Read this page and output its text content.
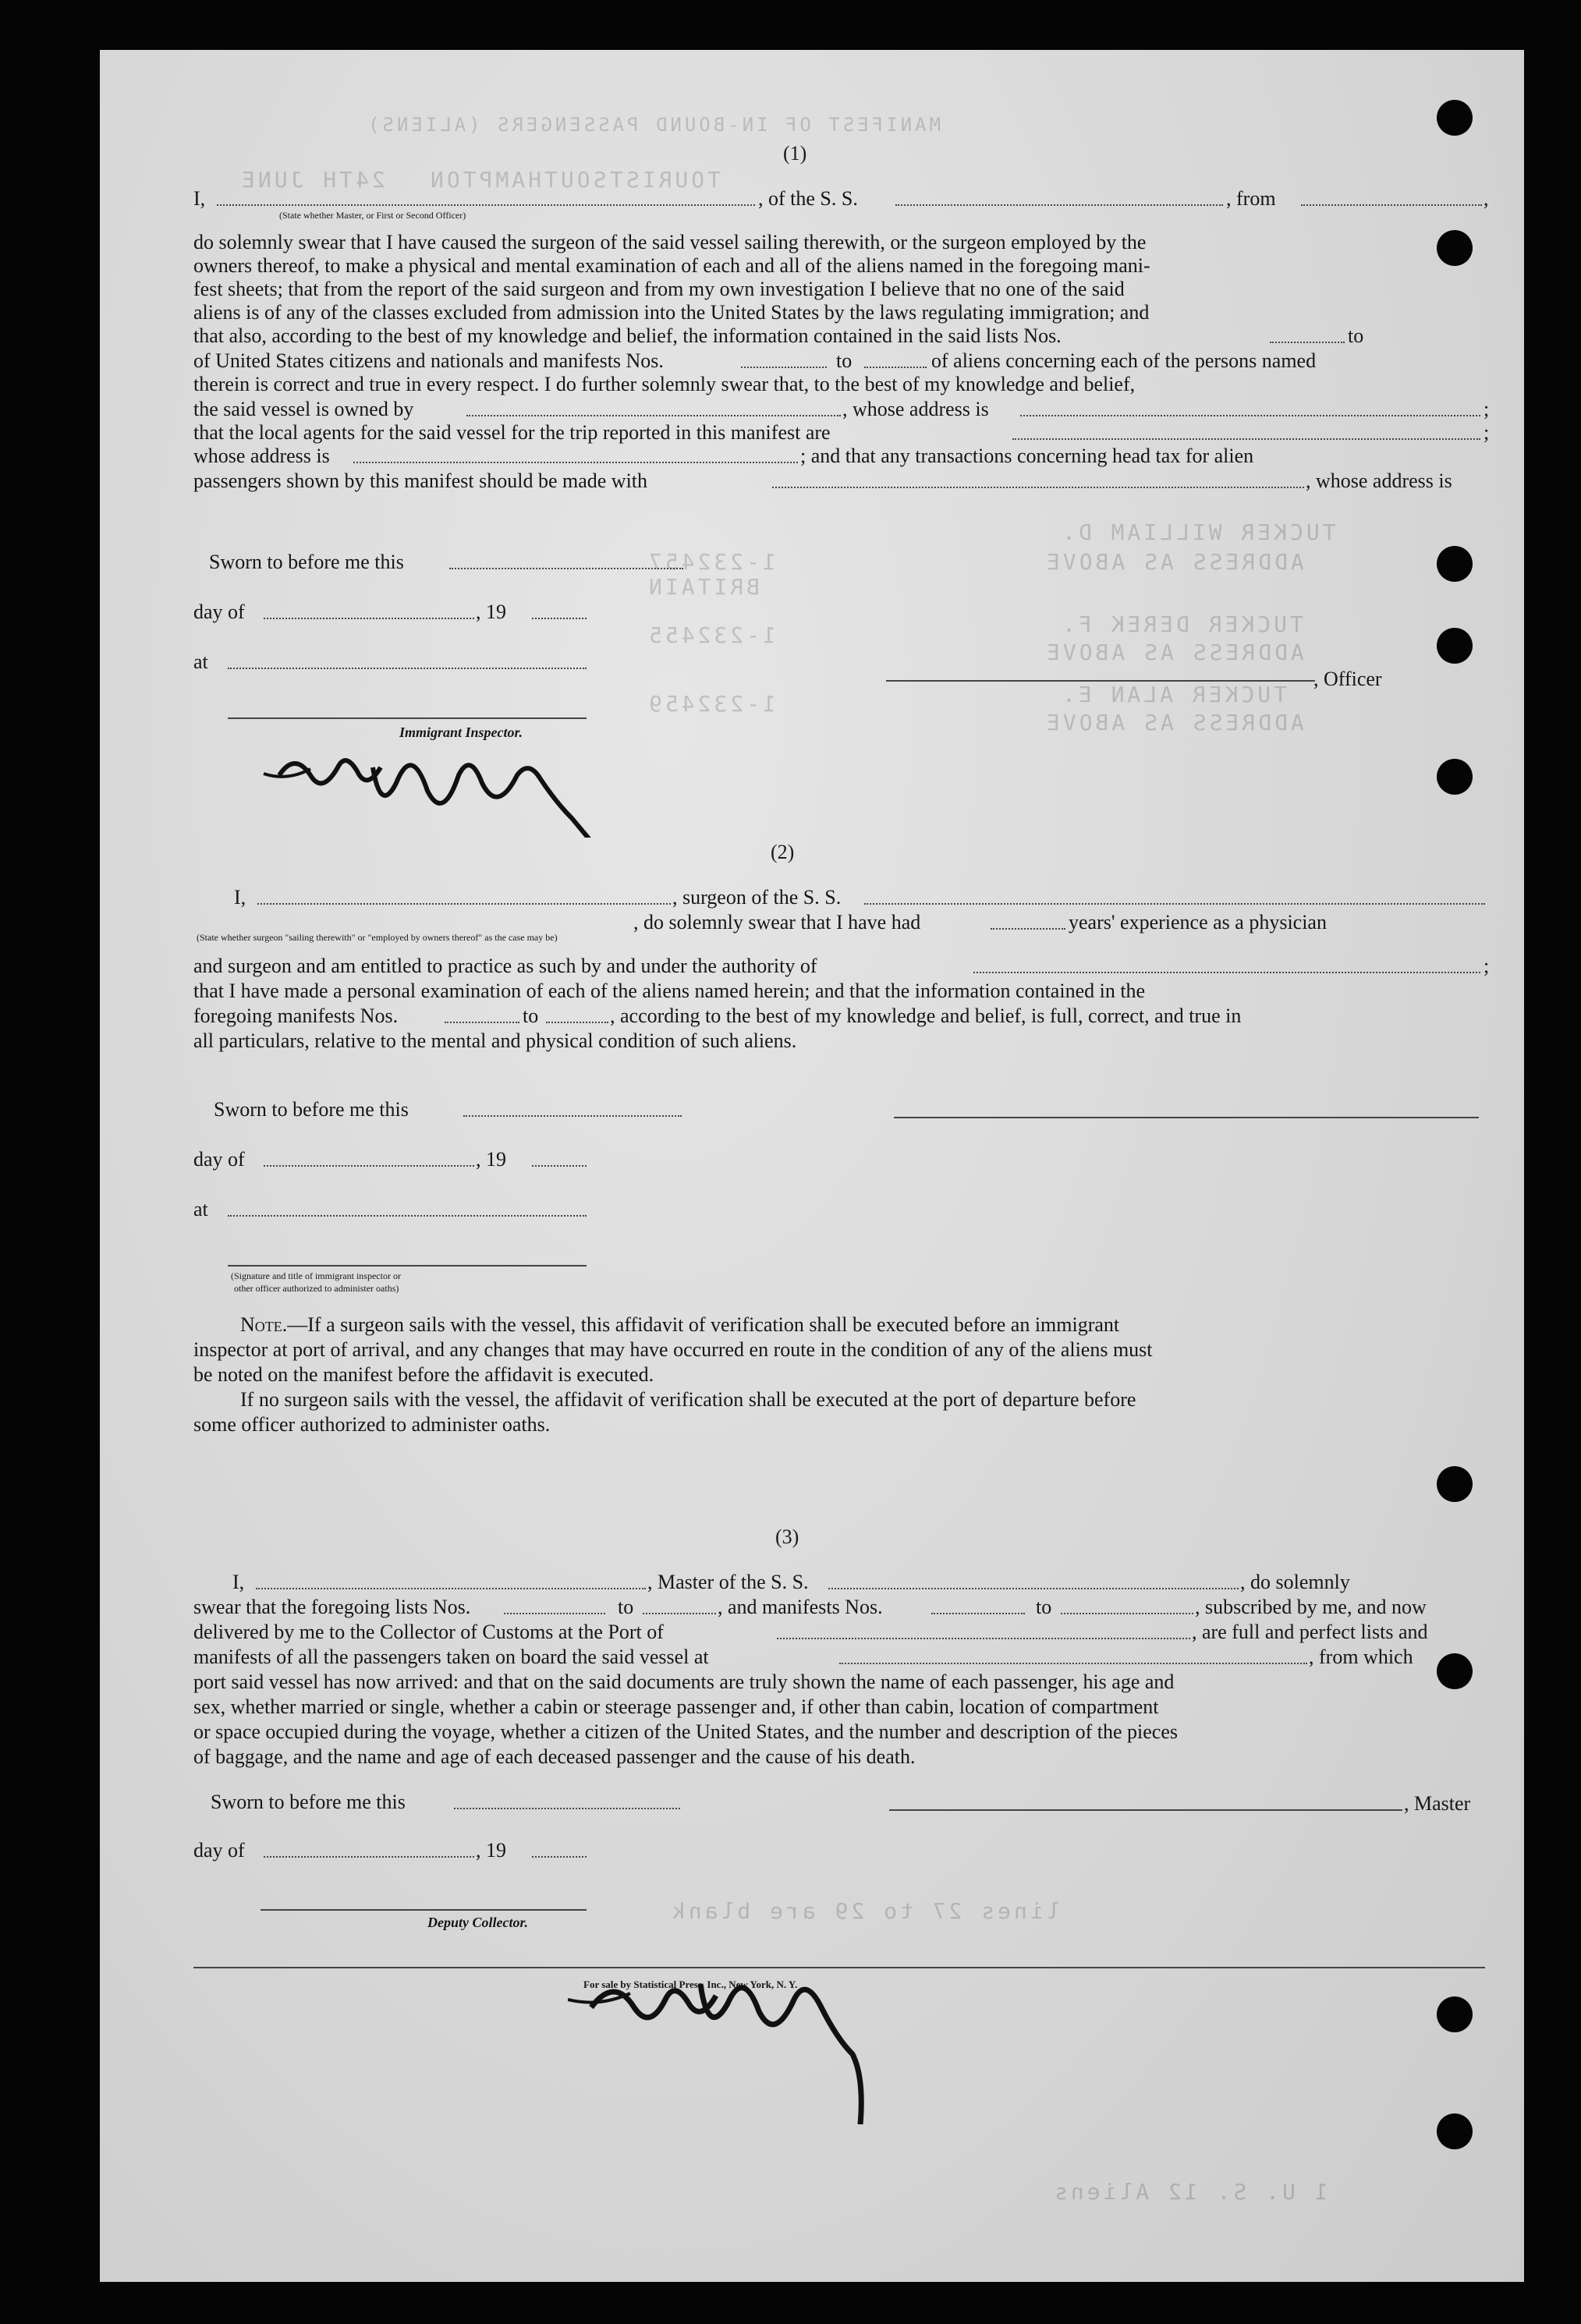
MANIFEST OF IN-BOUND PASSENGERS (ALIENS)
24TH JUNE SOUTHAMPTON TOURIST
TUCKER WILLIAM D.
ADDRESS AS ABOVE
1-232457
BRITAIN
TUCKER DEREK F.
ADDRESS AS ABOVE
1-232455
TUCKER ALAN E.
ADDRESS AS ABOVE
1-232459
lines 27 to 29 are blank
1 U. S. 12 Aliens
(1)
I,	, of the S. S.	, from	,
(State whether Master, or First or Second Officer)
do solemnly swear that I have caused the surgeon of the said vessel sailing therewith, or the surgeon employed by the
owners thereof, to make a physical and mental examination of each and all of the aliens named in the foregoing mani-
fest sheets; that from the report of the said surgeon and from my own investigation I believe that no one of the said
aliens is of any of the classes excluded from admission into the United States by the laws regulating immigration; and
that also, according to the best of my knowledge and belief, the information contained in the said lists Nos.	to
of United States citizens and nationals and manifests Nos.	to	of aliens concerning each of the persons named
therein is correct and true in every respect. I do further solemnly swear that, to the best of my knowledge and belief,
the said vessel is owned by	, whose address is	;
that the local agents for the said vessel for the trip reported in this manifest are	;
whose address is	; and that any transactions concerning head tax for alien
passengers shown by this manifest should be made with	, whose address is
Sworn to before me this
day of	, 19
at
, Officer
Immigrant Inspector.
(2)
I,	, surgeon of the S. S.
, do solemnly swear that I have had	years' experience as a physician
(State whether surgeon "sailing therewith" or "employed by owners thereof" as the case may be)
and surgeon and am entitled to practice as such by and under the authority of	;
that I have made a personal examination of each of the aliens named herein; and that the information contained in the
foregoing manifests Nos.	to	, according to the best of my knowledge and belief, is full, correct, and true in
all particulars, relative to the mental and physical condition of such aliens.
Sworn to before me this
day of	, 19
at
(Signature and title of immigrant inspector or
other officer authorized to administer oaths)
Note.—If a surgeon sails with the vessel, this affidavit of verification shall be executed before an immigrant
inspector at port of arrival, and any changes that may have occurred en route in the condition of any of the aliens must
be noted on the manifest before the affidavit is executed.
If no surgeon sails with the vessel, the affidavit of verification shall be executed at the port of departure before
some officer authorized to administer oaths.
(3)
I,	, Master of the S. S.	, do solemnly
swear that the foregoing lists Nos.	to	, and manifests Nos.	to	, subscribed by me, and now
delivered by me to the Collector of Customs at the Port of	, are full and perfect lists and
manifests of all the passengers taken on board the said vessel at	, from which
port said vessel has now arrived: and that on the said documents are truly shown the name of each passenger, his age and
sex, whether married or single, whether a cabin or steerage passenger and, if other than cabin, location of compartment
or space occupied during the voyage, whether a citizen of the United States, and the number and description of the pieces
of baggage, and the name and age of each deceased passenger and the cause of his death.
Sworn to before me this	, Master
day of	, 19
Deputy Collector.
For sale by Statistical Press, Inc., New York, N. Y.
